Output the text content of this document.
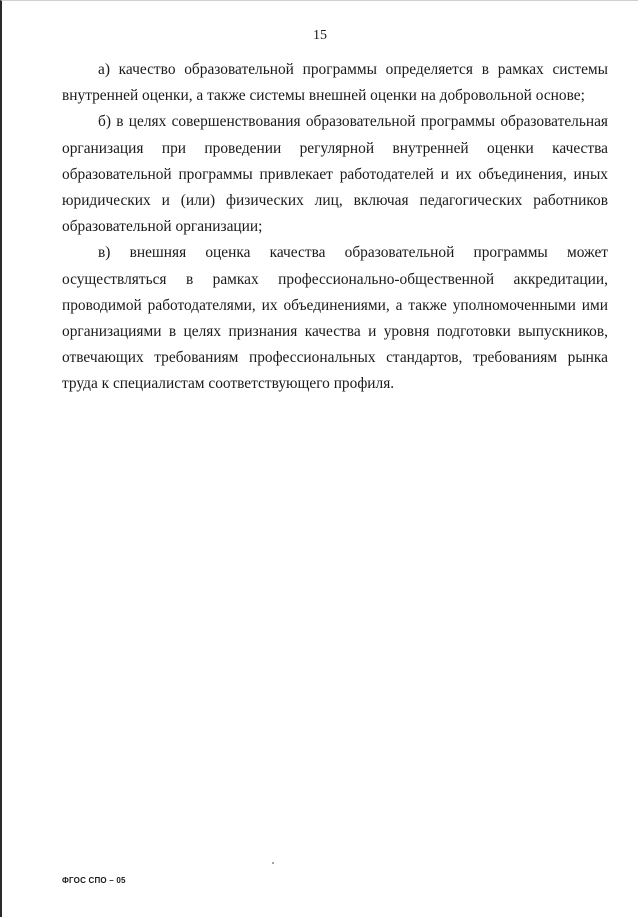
15

а) качество образовательной программы определяется в рамках системы внутренней оценки, а также системы внешней оценки на добровольной основе;

б) в целях совершенствования образовательной программы образовательная организация при проведении регулярной внутренней оценки качества образовательной программы привлекает работодателей и их объединения, иных юридических и (или) физических лиц, включая педагогических работников образовательной организации;

в) внешняя оценка качества образовательной программы может осуществляться в рамках профессионально-общественной аккредитации, проводимой работодателями, их объединениями, а также уполномоченными ими организациями в целях признания качества и уровня подготовки выпускников, отвечающих требованиям профессиональных стандартов, требованиям рынка труда к специалистам соответствующего профиля.

ФГОС СПО – 05
